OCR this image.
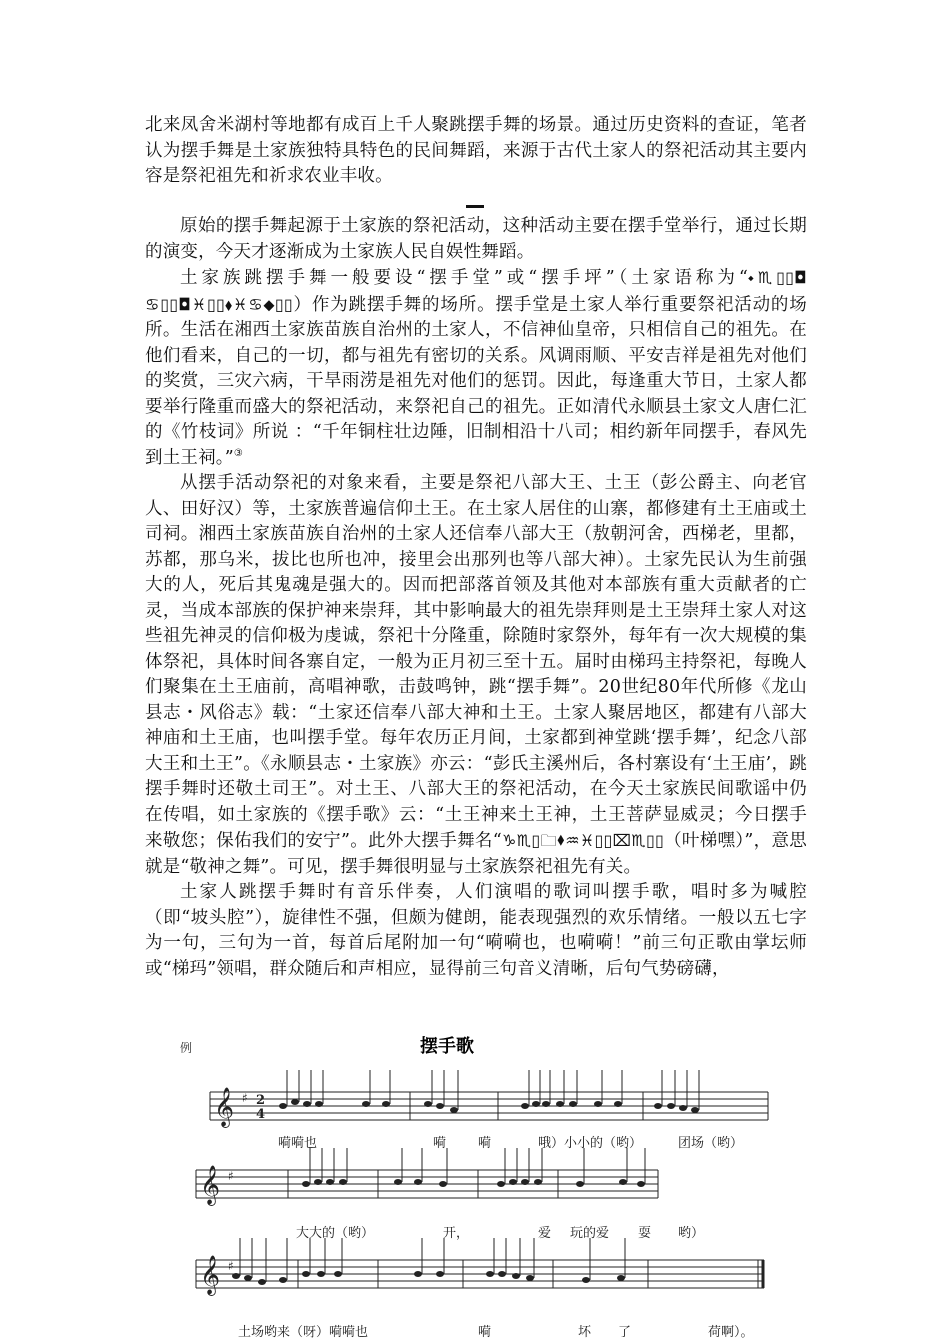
北来凤舍米湖村等地都有成百上千人聚跳摆手舞的场景。通过历史资料的查证，笔者认为摆手舞是土家族独特具特色的民间舞蹈，来源于古代土家人的祭祀活动其主要内容是祭祀祖先和祈求农业丰收。

原始的摆手舞起源于土家族的祭祀活动，这种活动主要在摆手堂举行，通过长期的演变，今天才逐渐成为土家族人民自娱性舞蹈。

土家族跳摆手舞一般要设“摆手堂”或“摆手坪”（土家语称为“⬩♏▯▯◘ ♋▯▯◘♓▯▯⬧♓♋⬥▯▯）作为跳摆手舞的场所。摆手堂是土家人举行重要祭祀活动的场所。生活在湘西土家族苗族自治州的土家人，不信神仙皇帝，只相信自己的祖先。在他们看来，自己的一切，都与祖先有密切的关系。风调雨顺、平安吉祥是祖先对他们的奖赏，三灾六病，干旱雨涝是祖先对他们的惩罚。因此，每逢重大节日，土家人都要举行隆重而盛大的祭祀活动，来祭祀自己的祖先。正如清代永顺县土家文人唐仁汇的《竹枝词》所说 ：“千年铜柱壮边陲，旧制相沿十八司；相约新年同摆手，春风先到土王祠。”③

从摆手活动祭祀的对象来看，主要是祭祀八部大王、土王（彭公爵主、向老官人、田好汉）等，土家族普遍信仰土王。在土家人居住的山寨，都修建有土王庙或土司祠。湘西土家族苗族自治州的土家人还信奉八部大王（敖朝河舍，西梯老，里都，苏都，那乌米，拔比也所也冲，接里会出那列也等八部大神）。土家先民认为生前强大的人，死后其鬼魂是强大的。因而把部落首领及其他对本部族有重大贡献者的亡灵，当成本部族的保护神来崇拜，其中影响最大的祖先崇拜则是土王崇拜土家人对这些祖先神灵的信仰极为虔诚，祭祀十分隆重，除随时家祭外，每年有一次大规模的集体祭祀，具体时间各寨自定，一般为正月初三至十五。届时由梯玛主持祭祀，每晚人们聚集在土王庙前，高唱神歌，击鼓鸣钟，跳“摆手舞”。20世纪80年代所修《龙山县志・风俗志》载：“土家还信奉八部大神和土王。土家人聚居地区，都建有八部大神庙和土王庙，也叫摆手堂。每年农历正月间，土家都到神堂跳‘摆手舞’，纪念八部大王和土王”。《永顺县志・土家族》亦云：“彭氏主溪州后，各村寨设有‘土王庙’，跳摆手舞时还敬土司王”。对土王、八部大王的祭祀活动，在今天土家族民间歌谣中仍在传唱，如土家族的《摆手歌》云：“土王神来土王神，土王菩萨显威灵；今日摆手来敬您；保佑我们的安宁”。此外大摆手舞名“♑♏▯🗀⬧♒♓▯▯⌧♏▯▯（叶梯嘿）”，意思就是“敬神之舞”。可见，摆手舞很明显与土家族祭祀祖先有关。

土家人跳摆手舞时有音乐伴奏，人们演唱的歌词叫摆手歌，唱时多为喊腔（即“坡头腔”），旋律性不强，但颇为健朗，能表现强烈的欢乐情绪。一般以五七字为一句，三句为一首，每首后尾附加一句“嗬嗬也，也嗬嗬！”前三句正歌由掌坛师或“梯玛”领唱，群众随后和声相应，显得前三句音义清晰，后句气势磅礴，

例	摆手歌
𝄞 ♯ 2
4
嗬嗬也	嗬 嗬	哦）小小的（哟）	团场（哟）
𝄞 ♯
大大的（哟）	开，	爱 玩的爱 耍 哟）
𝄞 ♯
土场哟来（呀）嗬嗬也	嗬	坏 了	荷啊）。
